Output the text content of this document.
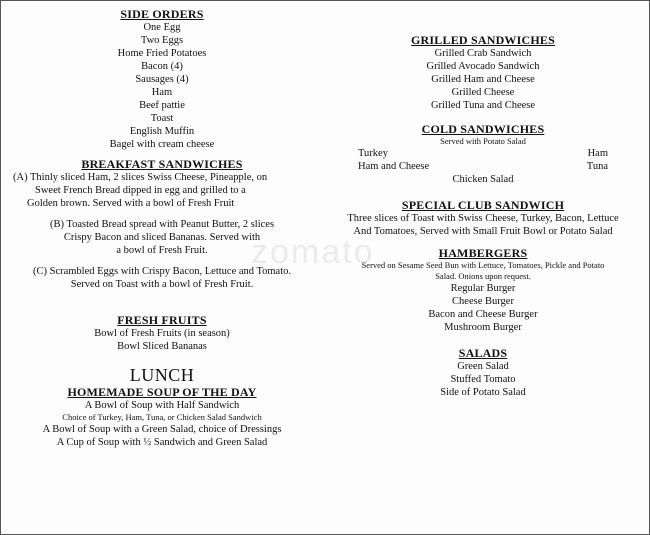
zomato
SIDE ORDERS
One Egg
Two Eggs
Home Fried Potatoes
Bacon (4)
Sausages (4)
Ham
Beef pattie
Toast
English Muffin
Bagel with cream cheese
BREAKFAST SANDWICHES
(A) Thinly sliced Ham, 2 slices Swiss Cheese, Pineapple, on
Sweet French Bread dipped in egg and grilled to a
Golden brown. Served with a bowl of Fresh Fruit
(B) Toasted Bread spread with Peanut Butter, 2 slices
Crispy Bacon and sliced Bananas. Served with
a bowl of Fresh Fruit.
(C) Scrambled Eggs with Crispy Bacon, Lettuce and Tomato.
Served on Toast with a bowl of Fresh Fruit.
FRESH FRUITS
Bowl of Fresh Fruits (in season)
Bowl Sliced Bananas
LUNCH
HOMEMADE SOUP OF THE DAY
A Bowl of Soup with Half Sandwich
Choice of Turkey, Ham, Tuna, or Chicken Salad Sandwich
A Bowl of Soup with a Green Salad, choice of Dressings
A Cup of Soup with ½ Sandwich and Green Salad
GRILLED SANDWICHES
Grilled Crab Sandwich
Grilled Avocado Sandwich
Grilled Ham and Cheese
Grilled Cheese
Grilled Tuna and Cheese
COLD SANDWICHES
Served with Potato Salad
Turkey	Ham
Ham and Cheese	Tuna
Chicken Salad
SPECIAL CLUB SANDWICH
Three slices of Toast with Swiss Cheese, Turkey, Bacon, Lettuce
And Tomatoes, Served with Small Fruit Bowl or Potato Salad
HAMBERGERS
Served on Sesame Seed Bun with Lettuce, Tomatoes, Pickle and Potato
Salad. Onions upon request.
Regular Burger
Cheese Burger
Bacon and Cheese Burger
Mushroom Burger
SALADS
Green Salad
Stuffed Tomato
Side of Potato Salad
